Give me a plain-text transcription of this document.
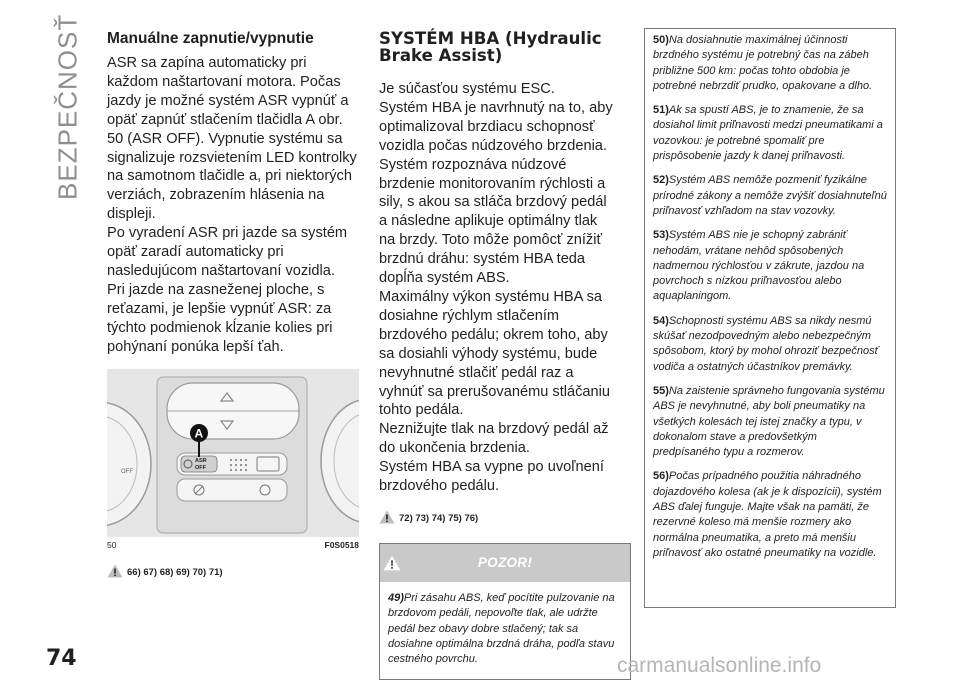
BEZPEČNOSŤ Manuálne zapnutie/vypnutie

ASR sa zapína automaticky pri každom naštartovaní motora. Počas jazdy je možné systém ASR vypnúť a opäť zapnúť stlačením tlačidla A obr.

50 (ASR OFF). Vypnutie systému sa signalizuje rozsvietením LED kontrolky na samotnom tlačidle a, pri niektorých verziách, zobrazením hlásenia na displeji.

Po vyradení ASR pri jazde sa systém opäť zaradí automaticky pri nasledujúcom naštartovaní vozidla.

Pri jazde na zasneženej ploche, s reťazami, je lepšie vypnúť ASR: za týchto podmienok kĺzanie kolies pri pohýnaní ponúka lepší ťah.

ASR
OFF
OFF
A
50	F0S0518
66) 67) 68) 69) 70) 71)
SYSTÉM HBA (Hydraulic
Brake Assist)

Je súčasťou systému ESC.

Systém HBA je navrhnutý na to, aby optimalizoval brzdiacu schopnosť vozidla počas núdzového brzdenia. Systém rozpoznáva núdzové brzdenie monitorovaním rýchlosti a sily, s akou sa stláča brzdový pedál a následne aplikuje optimálny tlak na brzdy. Toto môže pomôcť znížiť brzdnú dráhu: systém HBA teda dopĺňa systém ABS.

Maximálny výkon systému HBA sa dosiahne rýchlym stlačením brzdového pedálu; okrem toho, aby sa dosiahli výhody systému, bude nevyhnutné stlačiť pedál raz a vyhnúť sa prerušovanému stláčaniu tohto pedála.

Neznižujte tlak na brzdový pedál až do ukončenia brzdenia.

Systém HBA sa vypne po uvoľnení brzdového pedálu.

72) 73) 74) 75) 76)
POZOR!
49)Pri zásahu ABS, keď pocítite pulzovanie na brzdovom pedáli, nepovoľte tlak, ale udržte pedál bez obavy dobre stlačený; tak sa dosiahne optimálna brzdná dráha, podľa stavu cestného povrchu.

50)Na dosiahnutie maximálnej účinnosti brzdného systému je potrebný čas na zábeh približne 500 km: počas tohto obdobia je potrebné nebrzdiť prudko, opakovane a dlho.

51)Ak sa spustí ABS, je to znamenie, že sa dosiahol limit priľnavosti medzi pneumatikami a vozovkou: je potrebné spomaliť pre prispôsobenie jazdy k danej priľnavosti.

52)Systém ABS nemôže pozmeniť fyzikálne prírodné zákony a nemôže zvýšiť dosiahnuteľnú priľnavosť vzhľadom na stav vozovky.

53)Systém ABS nie je schopný zabrániť nehodám, vrátane nehôd spôsobených nadmernou rýchlosťou v zákrute, jazdou na povrchoch s nízkou priľnavosťou alebo aquaplaningom.

54)Schopnosti systému ABS sa nikdy nesmú skúšať nezodpovedným alebo nebezpečným spôsobom, ktorý by mohol ohroziť bezpečnosť vodiča a ostatných účastníkov premávky.

55)Na zaistenie správneho fungovania systému ABS je nevyhnutné, aby boli pneumatiky na všetkých kolesách tej istej značky a typu, v dokonalom stave a predovšetkým predpísaného typu a rozmerov.

56)Počas prípadného použitia náhradného dojazdového kolesa (ak je k dispozícii), systém ABS ďalej funguje. Majte však na pamäti, že rezervné koleso má menšie rozmery ako normálna pneumatika, a preto má menšiu priľnavosť ako ostatné pneumatiky na vozidle.

74	carmanualsonline.info
